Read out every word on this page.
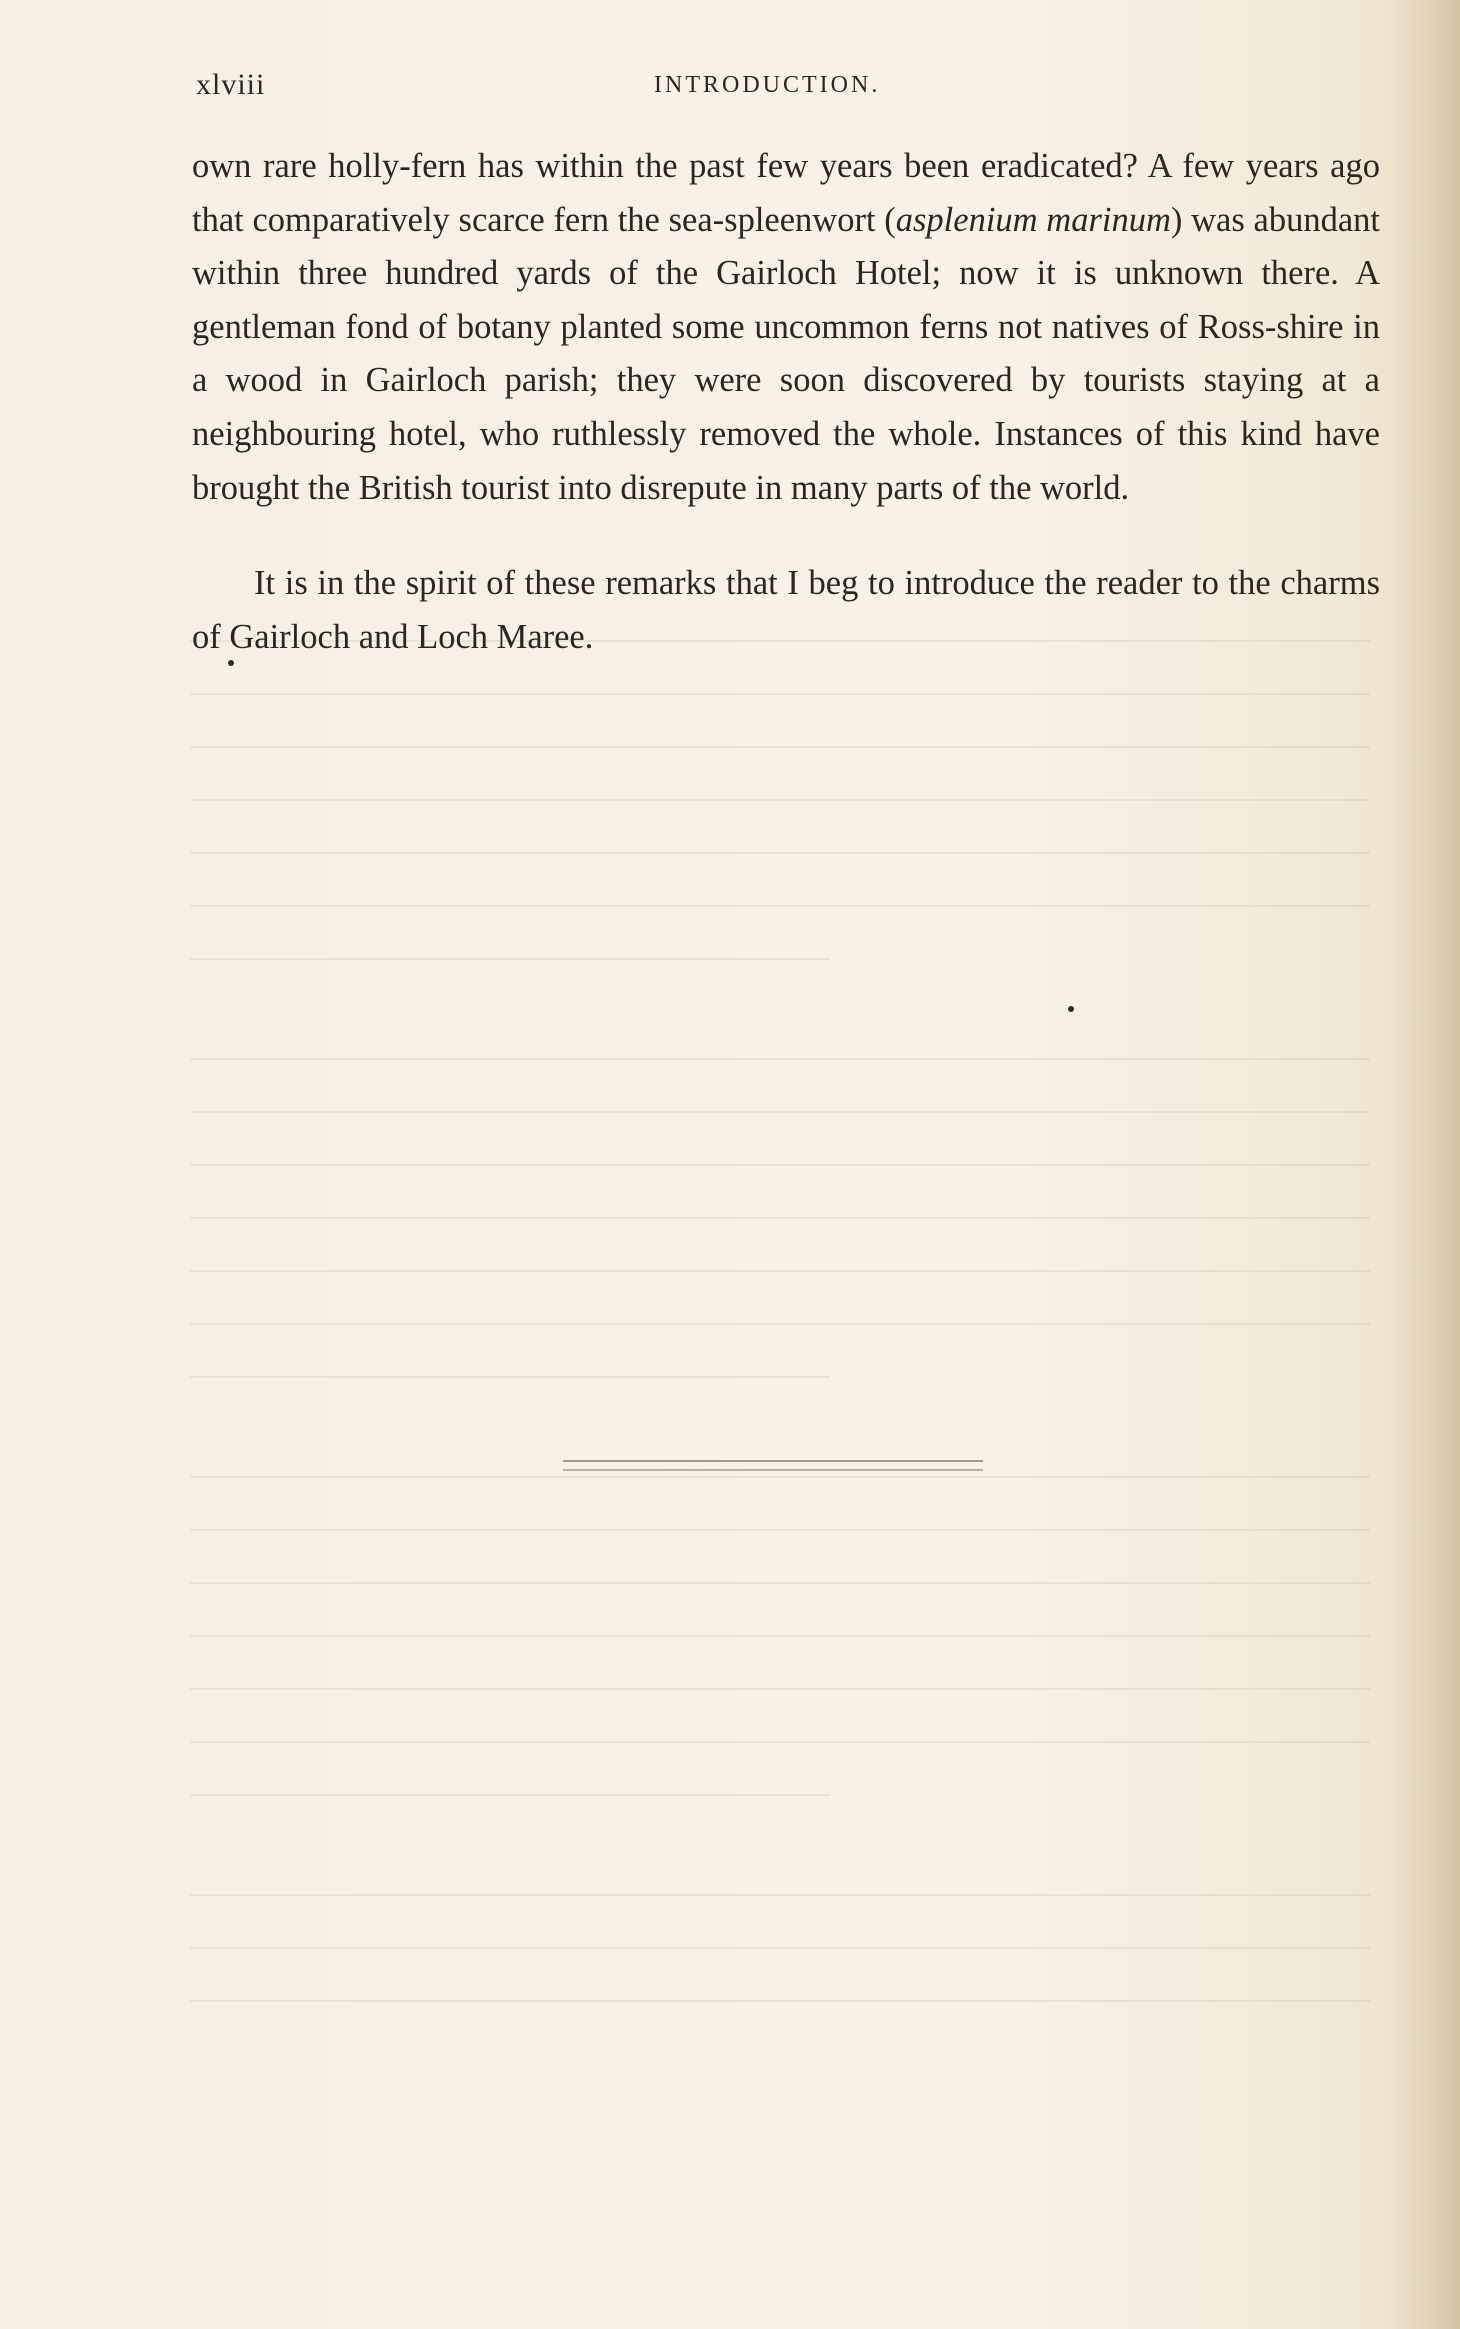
xlviii	INTRODUCTION.

own rare holly-fern has within the past few years been eradicated? A few years ago that comparatively scarce fern the sea-spleenwort (asplenium marinum) was abundant within three hundred yards of the Gairloch Hotel; now it is unknown there. A gentleman fond of botany planted some uncommon ferns not natives of Ross-shire in a wood in Gairloch parish; they were soon discovered by tourists staying at a neighbouring hotel, who ruthlessly removed the whole. Instances of this kind have brought the British tourist into disrepute in many parts of the world.

It is in the spirit of these remarks that I beg to introduce the reader to the charms of Gairloch and Loch Maree.
